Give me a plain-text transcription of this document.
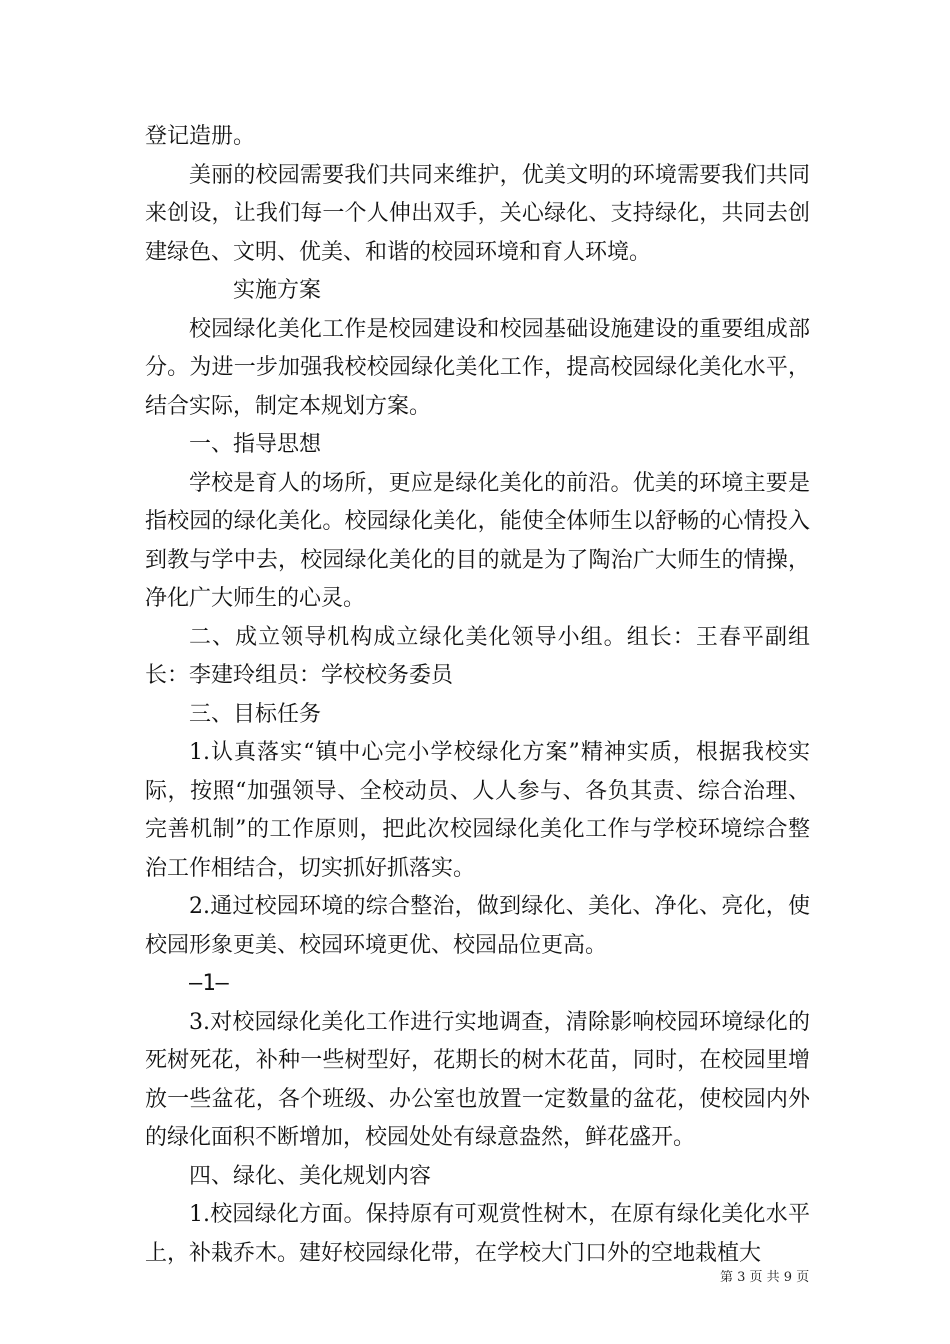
登记造册。

美丽的校园需要我们共同来维护，优美文明的环境需要我们共同来创设，让我们每一个人伸出双手，关心绿化、支持绿化，共同去创建绿色、文明、优美、和谐的校园环境和育人环境。

实施方案

校园绿化美化工作是校园建设和校园基础设施建设的重要组成部分。为进一步加强我校校园绿化美化工作，提高校园绿化美化水平，结合实际，制定本规划方案。

一、指导思想

学校是育人的场所，更应是绿化美化的前沿。优美的环境主要是指校园的绿化美化。校园绿化美化，能使全体师生以舒畅的心情投入到教与学中去，校园绿化美化的目的就是为了陶治广大师生的情操，净化广大师生的心灵。

二、成立领导机构成立绿化美化领导小组。组长：王春平副组长：李建玲组员：学校校务委员

三、目标任务

1.认真落实“镇中心完小学校绿化方案”精神实质，根据我校实际，按照“加强领导、全校动员、人人参与、各负其责、综合治理、完善机制”的工作原则，把此次校园绿化美化工作与学校环境综合整治工作相结合，切实抓好抓落实。

2.通过校园环境的综合整治，做到绿化、美化、净化、亮化，使校园形象更美、校园环境更优、校园品位更高。

—1—

3.对校园绿化美化工作进行实地调查，清除影响校园环境绿化的死树死花，补种一些树型好，花期长的树木花苗，同时，在校园里增放一些盆花，各个班级、办公室也放置一定数量的盆花，使校园内外的绿化面积不断增加，校园处处有绿意盎然，鲜花盛开。

四、绿化、美化规划内容

1.校园绿化方面。保持原有可观赏性树木，在原有绿化美化水平上，补栽乔木。建好校园绿化带，在学校大门口外的空地栽植大

第 3 页 共 9 页
